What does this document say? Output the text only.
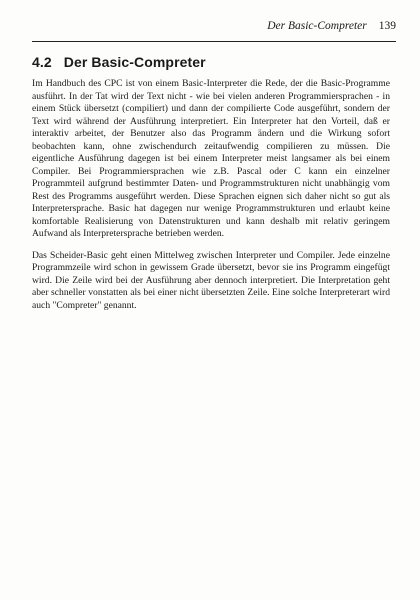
Der Basic-Compreter 139
4.2 Der Basic-Compreter

Im Handbuch des CPC ist von einem Basic-Interpreter die Rede, der die Basic-Programme ausführt. In der Tat wird der Text nicht - wie bei vielen anderen Programmiersprachen - in einem Stück übersetzt (compiliert) und dann der compilierte Code ausgeführt, sondern der Text wird während der Ausführung interpretiert. Ein Interpreter hat den Vorteil, daß er interaktiv arbeitet, der Benutzer also das Programm ändern und die Wirkung sofort beobachten kann, ohne zwischendurch zeitaufwendig compilieren zu müssen. Die eigentliche Ausführung dagegen ist bei einem Interpreter meist langsamer als bei einem Compiler. Bei Programmiersprachen wie z.B. Pascal oder C kann ein einzelner Programmteil aufgrund bestimmter Daten- und Programmstrukturen nicht unabhängig vom Rest des Programms ausgeführt werden. Diese Sprachen eignen sich daher nicht so gut als Interpretersprache. Basic hat dagegen nur wenige Programmstrukturen und erlaubt keine komfortable Realisierung von Datenstrukturen und kann deshalb mit relativ geringem Aufwand als Interpretersprache betrieben werden.

Das Scheider-Basic geht einen Mittelweg zwischen Interpreter und Compiler. Jede einzelne Programmzeile wird schon in gewissem Grade übersetzt, bevor sie ins Programm eingefügt wird. Die Zeile wird bei der Ausführung aber dennoch interpretiert. Die Interpretation geht aber schneller vonstatten als bei einer nicht übersetzten Zeile. Eine solche Interpreterart wird auch "Compreter" genannt.
